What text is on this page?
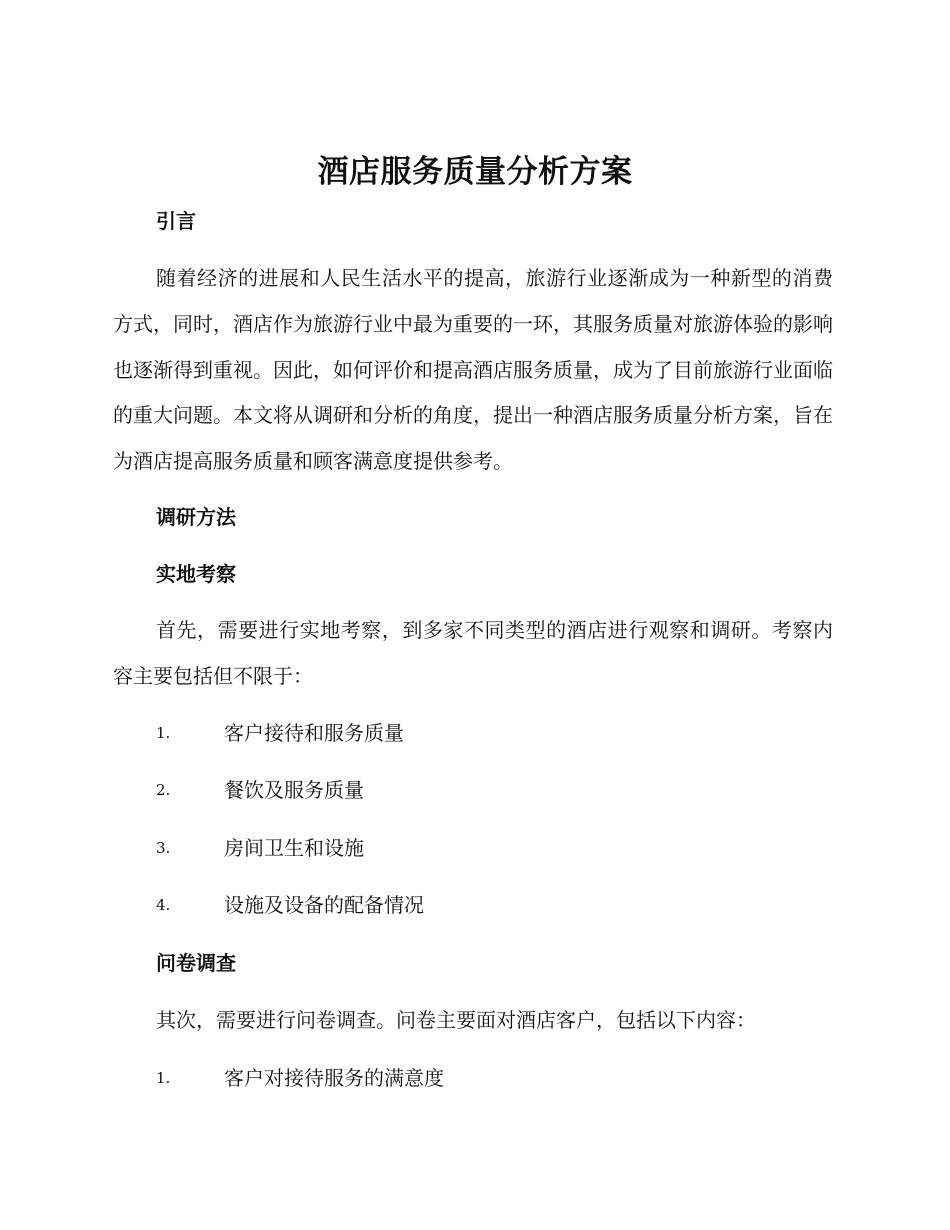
酒店服务质量分析方案
引言

随着经济的进展和人民生活水平的提高，旅游行业逐渐成为一种新型的消费方式，同时，酒店作为旅游行业中最为重要的一环，其服务质量对旅游体验的影响也逐渐得到重视。因此，如何评价和提高酒店服务质量，成为了目前旅游行业面临的重大问题。本文将从调研和分析的角度，提出一种酒店服务质量分析方案，旨在为酒店提高服务质量和顾客满意度提供参考。

调研方法
实地考察

首先，需要进行实地考察，到多家不同类型的酒店进行观察和调研。考察内容主要包括但不限于：

1.	客户接待和服务质量
2.	餐饮及服务质量
3.	房间卫生和设施
4.	设施及设备的配备情况
问卷调查

其次，需要进行问卷调查。问卷主要面对酒店客户，包括以下内容：

1.	客户对接待服务的满意度
